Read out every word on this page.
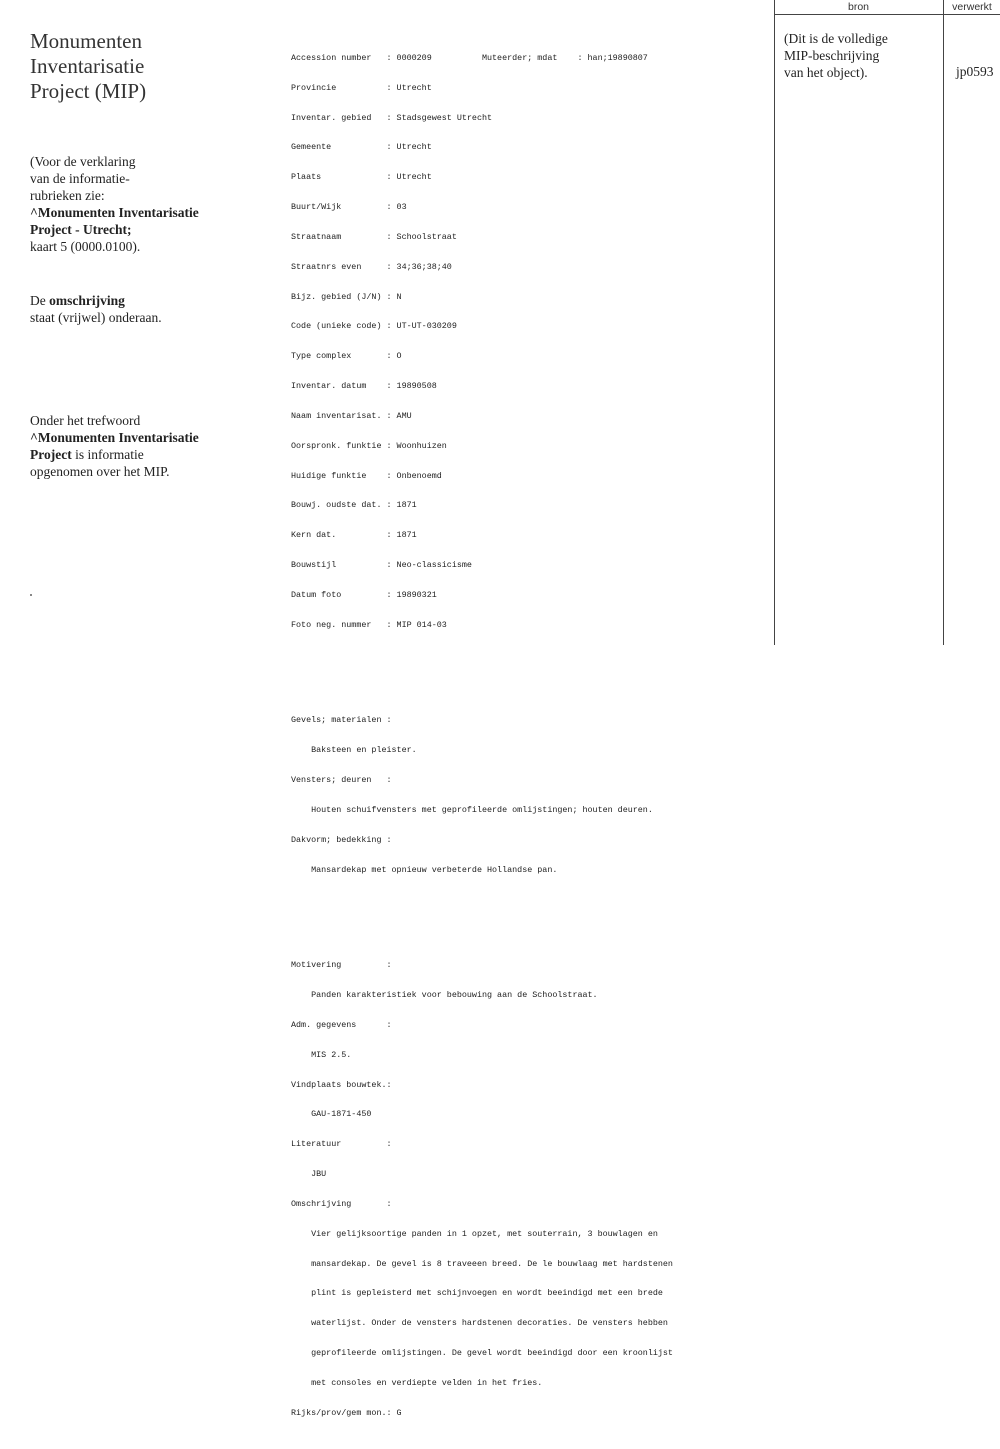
Monumenten
Inventarisatie
Project (MIP)
(Voor de verklaring
van de informatie-
rubrieken zie:
^Monumenten Inventarisatie
Project - Utrecht;
kaart 5 (0000.0100).
De omschrijving
staat (vrijwel) onderaan.
Onder het trefwoord
^Monumenten Inventarisatie
Project is informatie
opgenomen over het MIP.

Accession number   : 0000209          Muteerder; mdat    : han;19890807

Provincie          : Utrecht

Inventar. gebied   : Stadsgewest Utrecht

Gemeente           : Utrecht

Plaats             : Utrecht

Buurt/Wijk         : 03

Straatnaam         : Schoolstraat

Straatnrs even     : 34;36;38;40

Bijz. gebied (J/N) : N

Code (unieke code) : UT-UT-030209

Type complex       : O

Inventar. datum    : 19890508

Naam inventarisat. : AMU

Oorspronk. funktie : Woonhuizen

Huidige funktie    : Onbenoemd

Bouwj. oudste dat. : 1871

Kern dat.          : 1871

Bouwstijl          : Neo-classicisme

Datum foto         : 19890321

Foto neg. nummer   : MIP 014-03

Gevels; materialen :

Baksteen en pleister.

Vensters; deuren   :

Houten schuifvensters met geprofileerde omlijstingen; houten deuren.

Dakvorm; bedekking :

Mansardekap met opnieuw verbeterde Hollandse pan.

Motivering         :

Panden karakteristiek voor bebouwing aan de Schoolstraat.

Adm. gegevens      :

MIS 2.5.

Vindplaats bouwtek.:

GAU-1871-450

Literatuur         :

JBU

Omschrijving       :

Vier gelijksoortige panden in 1 opzet, met souterrain, 3 bouwlagen en

mansardekap. De gevel is 8 traveeen breed. De le bouwlaag met hardstenen

plint is gepleisterd met schijnvoegen en wordt beeindigd met een brede

waterlijst. Onder de vensters hardstenen decoraties. De vensters hebben

geprofileerde omlijstingen. De gevel wordt beeindigd door een kroonlijst

met consoles en verdiepte velden in het fries.

Rijks/prov/gem mon.: G

bron	verwerkt
(Dit is de volledige
MIP-beschrijving
van het object).	jp0593
